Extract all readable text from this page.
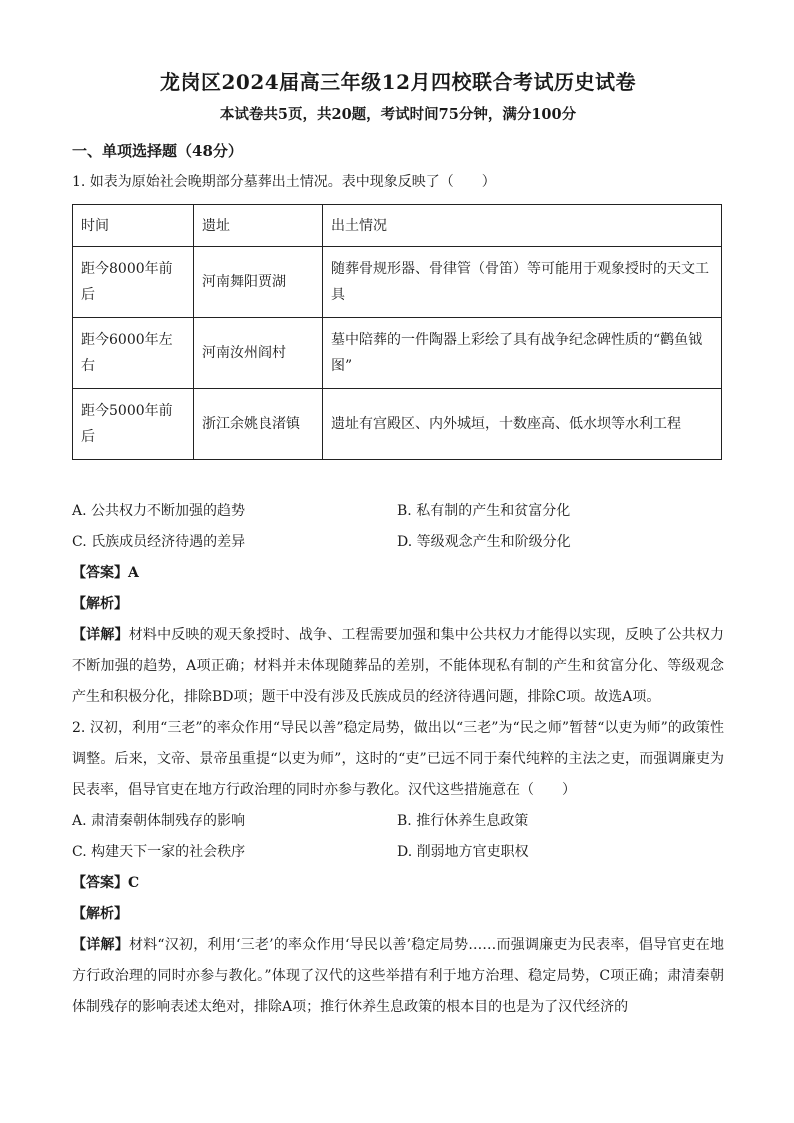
龙岗区2024届高三年级12月四校联合考试历史试卷

本试卷共5页，共20题，考试时间75分钟，满分100分

一、单项选择题（48分）

1. 如表为原始社会晚期部分墓葬出土情况。表中现象反映了（　　）

时间	遗址	出土情况
距今8000年前后	河南舞阳贾湖	随葬骨规形器、骨律管（骨笛）等可能用于观象授时的天文工具
距今6000年左右	河南汝州阎村	墓中陪葬的一件陶器上彩绘了具有战争纪念碑性质的“鹳鱼钺图”
距今5000年前后	浙江余姚良渚镇	遗址有宫殿区、内外城垣，十数座高、低水坝等水利工程
A. 公共权力不断加强的趋势	B. 私有制的产生和贫富分化
C. 氏族成员经济待遇的差异	D. 等级观念产生和阶级分化

【答案】A

【解析】

【详解】材料中反映的观天象授时、战争、工程需要加强和集中公共权力才能得以实现，反映了公共权力不断加强的趋势，A项正确；材料并未体现随葬品的差别，不能体现私有制的产生和贫富分化、等级观念产生和积极分化，排除BD项；题干中没有涉及氏族成员的经济待遇问题，排除C项。故选A项。

2. 汉初，利用“三老”的率众作用“导民以善”稳定局势，做出以“三老”为“民之师”暂替“以吏为师”的政策性调整。后来，文帝、景帝虽重提“以吏为师”，这时的“吏”已远不同于秦代纯粹的主法之吏，而强调廉吏为民表率，倡导官吏在地方行政治理的同时亦参与教化。汉代这些措施意在（　　）

A. 肃清秦朝体制残存的影响	B. 推行休养生息政策
C. 构建天下一家的社会秩序	D. 削弱地方官吏职权

【答案】C

【解析】

【详解】材料“汉初，利用‘三老’的率众作用‘导民以善’稳定局势……而强调廉吏为民表率，倡导官吏在地方行政治理的同时亦参与教化。”体现了汉代的这些举措有利于地方治理、稳定局势，C项正确；肃清秦朝体制残存的影响表述太绝对，排除A项；推行休养生息政策的根本目的也是为了汉代经济的
